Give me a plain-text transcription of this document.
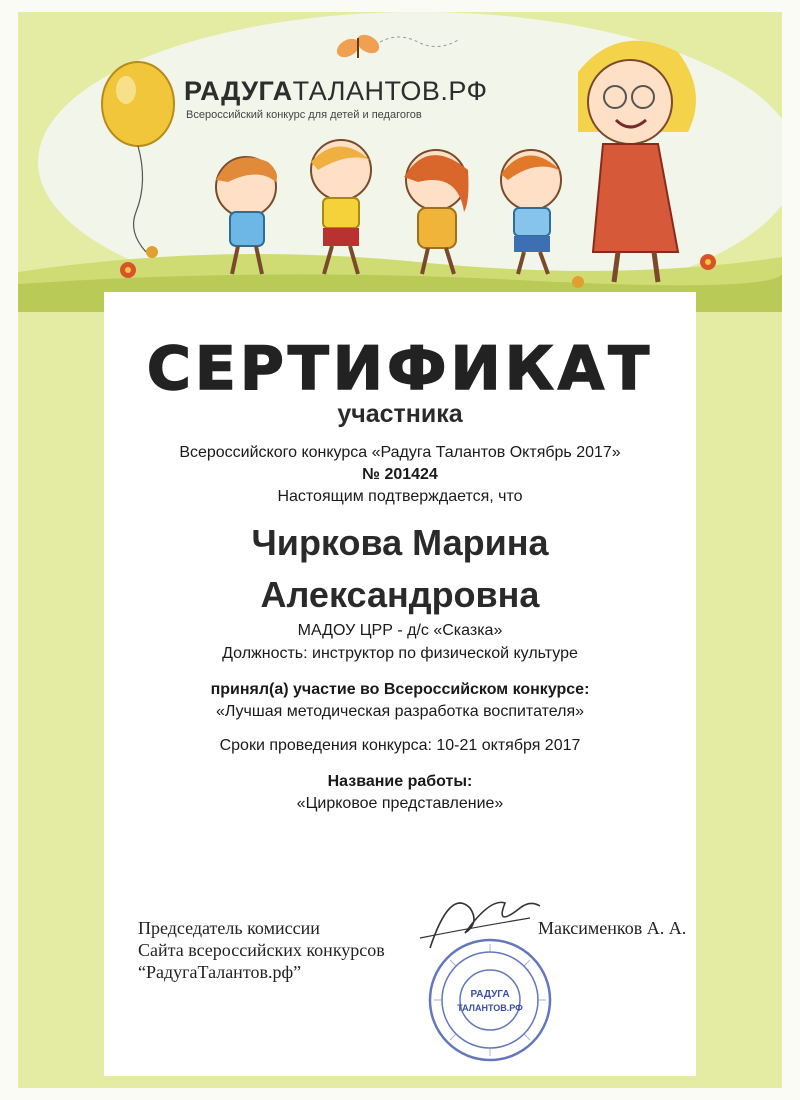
РАДУГАТАЛАНТОВ.РФ
Всероссийский конкурс для детей и педагогов
СЕРТИФИКАТ
участника
Всероссийского конкурса «Радуга Талантов Октябрь 2017»
№ 201424
Настоящим подтверждается, что
Чиркова Марина
Александровна
МАДОУ ЦРР - д/с «Сказка»
Должность: инструктор по физической культуре
принял(а) участие во Всероссийском конкурсе:
«Лучшая методическая разработка воспитателя»
Сроки проведения конкурса: 10-21 октября 2017
Название работы:
«Цирковое представление»
Председатель комиссии
Сайта всероссийских конкурсов
“РадугаТалантов.рф”
Максименков А. А.
РАДУГА
ТАЛАНТОВ.РФ
